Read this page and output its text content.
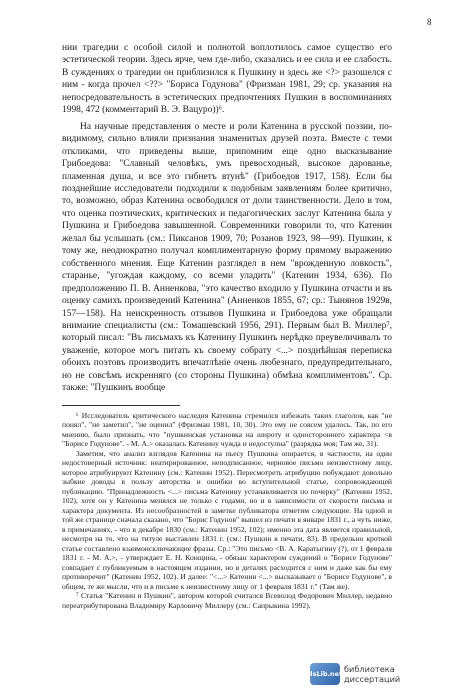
8

нии трагедии с особой силой и полнотой воплотилось самое существо его эстетической теории. Здесь ярче, чем где-либо, сказались и ее сила и ее слабость. В суждениях о трагедии он приблизился к Пушкину и здесь же <?> разошелся с ним - когда прочел <??> "Бориса Годунова" (Фризман 1981, 29; ср. указания на непосредовательность в эстетических предпочтениях Пушкин в воспоминаниях 1998, 472 (комментарий В. Э. Вацуро))⁶.

На научные представления о месте и роли Катенина в русской поэзии, по-видимому, сильно влияли признания знаменитых друзей поэта. Вместе с теми откликами, что приведены выше, припомним еще одно высказывание Грибоедова: "Славный человѣкъ, умъ превосходный, высокое дарованье, пламенная душа, и все это гибнетъ втунѣ" (Грибоедов 1917, 158). Если бы позднейшие исследователи подходили к подобным заявлениям более критично, то, возможно, образ Катенина освободился от доли таинственности. Дело в том, что оценка поэтических, критических и педагогических заслуг Катенина была у Пушкина и Грибоедова завышенной. Современники говорили то, что Катенин желал бы услышать (см.: Пиксанов 1909, 70; Розанов 1923, 98—99). Пушкин, к тому же, неоднократно получал комплиментарную форму прямому выражению собственного мнения. Еще Катенин разглядел в нем "врожденную ловкость", старанье, "угождая каждому, со всеми уладить" (Катенин 1934, 636). По предположению П. В. Анненкова, "это качество входило у Пушкина отчасти и въ оценку самихъ произведений Катенина" (Анненков 1855, 67; ср.: Тынянов 1929в, 157—158). На неискренность отзывов Пушкина и Грибоедова уже обращали внимание специалисты (см.: Томашевский 1956, 291). Первым был В. Миллер⁷, который писал: "Въ письмахъ къ Катенину Пушкинъ нерѣдко преувеличивалъ то уваженіе, которое могъ питать къ своему собрату <...> позднѣйшая переписка обоихъ поэтовъ производитъ впечатлѣніе очень любезнаго, предупредительнаго, но не совсѣмъ искренняго (со стороны Пушкина) обмѣна комплиментовъ". Ср. также: "Пушкинъ вообще

⁶ Исследователь критического наследия Катенина стремился избежать таких глаголов, как "не понял", "не заметил", "не оценил" (Фризман 1981, 10, 30). Это ему не совсем удалось. Так, по его мнению, было признать, что "пушкинская установка на широту и одностороннего характера <в "Борисе Годунове". - М. А.> оказалась Катенину чужда и недоступна" (разрядка моя; Там же, 31).

Заметим, что анализ взглядов Катенина на пьесу Пушкина опирается, в частности, на один недостоверный источник: неатирированное, неподписанное, черновое письмо неизвестному лицу, которое атрибуируют Катенину (см.: Катенин 1952). Пересмотреть атрибуцию побуждают довольно зыбкие доводы в пользу авторства и ошибки во вступительной статье, сопровождающей публикацию. "Принадлежность <...> письма Катенину устанавливается по почерку" (Катенин 1952, 102), хотя он у Катенина менялся не только с годами, но и в зависимости от скорости письма и характера документа. Из несообразностей в заметке публикатора отметим следующие. На одной и той же странице сначала сказано, что "Борис Годунов" вышел из печати в январе 1831 г., а чуть ниже, в примечаниях, - что в декабре 1830 (см.: Катенин 1952, 102); именно эта дата является правильной, несмотря на то, что на титуле выставлен 1831 г. (см.: Пушкин в печати, 83). В предельно кроткой статье составлено взаимоисключающие фразы. Ср.: "Это письмо <В. А. Каратыгину (?), от 1 февраля 1831 г. - М. А.>, - утверждает Е. Н. Конщина, - обязан характером суждений о "Борисе Годунове" совпадает с публикуемым в настоящем издании, но в деталях расходится с ним и даже как бы ему противоречит" (Катенин 1952, 102). И далее: "<...> Катенин <...> высказывает о "Борисе Годунове", в общем, те же мысли, что и в письме к неизвестному лицу от 1 февраля 1831 г." (Там же).

⁷ Статья "Катенин и Пушкин", автором которой считался Всеволод Федорович Миллер, недавно переатрибутирована Владимиру Карловичу Миллеру (см.: Сапрыкина 1992).

dsLib.net библиотека диссертаций
